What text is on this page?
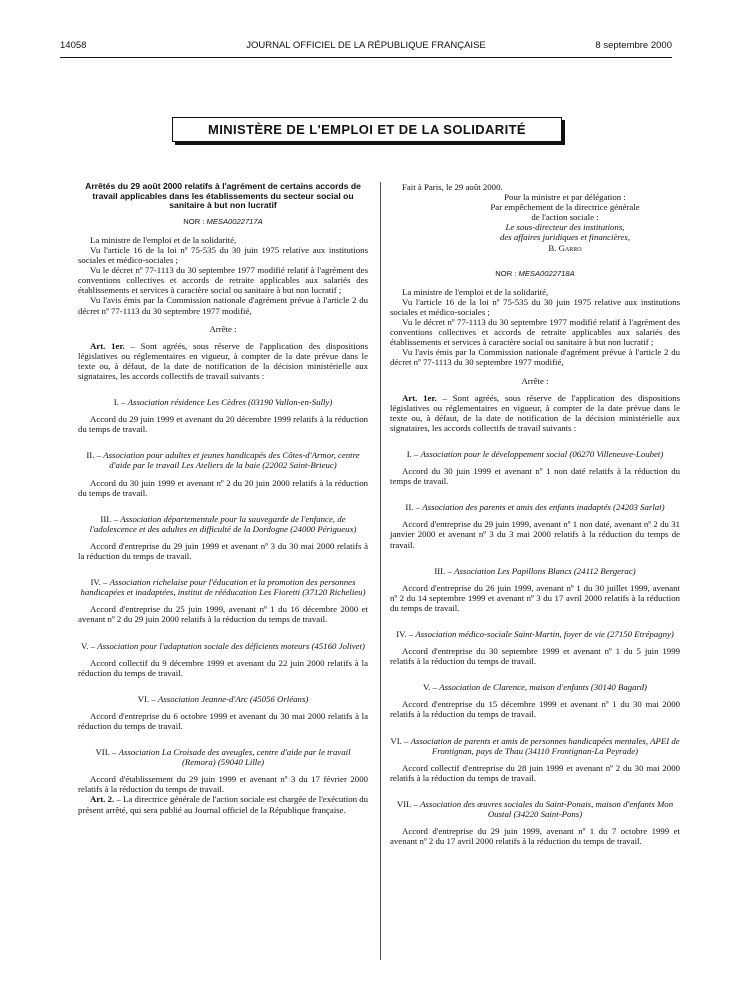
14058	JOURNAL OFFICIEL DE LA RÉPUBLIQUE FRANÇAISE	8 septembre 2000
MINISTÈRE DE L'EMPLOI ET DE LA SOLIDARITÉ
Arrêtés du 29 août 2000 relatifs à l'agrément de certains accords de travail applicables dans les établissements du secteur social ou sanitaire à but non lucratif
NOR : MESA0022717A

La ministre de l'emploi et de la solidarité,

Vu l'article 16 de la loi nº 75-535 du 30 juin 1975 relative aux institutions sociales et médico-sociales ;

Vu le décret nº 77-1113 du 30 septembre 1977 modifié relatif à l'agrément des conventions collectives et accords de retraite applicables aux salariés des établissements et services à caractère social ou sanitaire à but non lucratif ;

Vu l'avis émis par la Commission nationale d'agrément prévue à l'article 2 du décret nº 77-1113 du 30 septembre 1977 modifié,

Arrête :

Art. 1er. – Sont agréés, sous réserve de l'application des dispositions législatives ou réglementaires en vigueur, à compter de la date prévue dans le texte ou, à défaut, de la date de notification de la décision ministérielle aux signataires, les accords collectifs de travail suivants :

I. – Association résidence Les Cèdres (03190 Vallon-en-Sully)

Accord du 29 juin 1999 et avenant du 20 décembre 1999 relatifs à la réduction du temps de travail.

II. – Association pour adultes et jeunes handicapés des Côtes-d'Armor, centre d'aide par le travail Les Ateliers de la baie (22002 Saint-Brieuc)

Accord du 30 juin 1999 et avenant nº 2 du 20 juin 2000 relatifs à la réduction du temps de travail.

III. – Association départementale pour la sauvegarde de l'enfance, de l'adolescence et des adultes en difficulté de la Dordogne (24000 Périgueux)

Accord d'entreprise du 29 juin 1999 et avenant nº 3 du 30 mai 2000 relatifs à la réduction du temps de travail.

IV. – Association richelaise pour l'éducation et la promotion des personnes handicapées et inadaptées, institut de rééducation Les Fioretti (37120 Richelieu)

Accord d'entreprise du 25 juin 1999, avenant nº 1 du 16 décembre 2000 et avenant nº 2 du 29 juin 2000 relatifs à la réduction du temps de travail.

V. – Association pour l'adaptation sociale des déficients moteurs (45160 Jolivet)

Accord collectif du 9 décembre 1999 et avenant du 22 juin 2000 relatifs à la réduction du temps de travail.

VI. – Association Jeanne-d'Arc (45056 Orléans)

Accord d'entreprise du 6 octobre 1999 et avenant du 30 mai 2000 relatifs à la réduction du temps de travail.

VII. – Association La Croisade des aveugles, centre d'aide par le travail (Remora) (59040 Lille)

Accord d'établissement du 29 juin 1999 et avenant nº 3 du 17 février 2000 relatifs à la réduction du temps de travail.

Art. 2. – La directrice générale de l'action sociale est chargée de l'exécution du présent arrêté, qui sera publié au Journal officiel de la République française.

Fait à Paris, le 29 août 2000.

Pour la ministre et par délégation :
Par empêchement de la directrice générale
de l'action sociale :
Le sous-directeur des institutions,
des affaires juridiques et financières,
B. Garro
NOR : MESA0022718A

La ministre de l'emploi et de la solidarité,

Vu l'article 16 de la loi nº 75-535 du 30 juin 1975 relative aux institutions sociales et médico-sociales ;

Vu le décret nº 77-1113 du 30 septembre 1977 modifié relatif à l'agrément des conventions collectives et accords de retraite applicables aux salariés des établissements et services à caractère social ou sanitaire à but non lucratif ;

Vu l'avis émis par la Commission nationale d'agrément prévue à l'article 2 du décret nº 77-1113 du 30 septembre 1977 modifié,

Arrête :

Art. 1er. – Sont agréés, sous réserve de l'application des dispositions législatives ou réglementaires en vigueur, à compter de la date prévue dans le texte ou, à défaut, de la date de notification de la décision ministérielle aux signataires, les accords collectifs de travail suivants :

I. – Association pour le développement social (06270 Villeneuve-Loubet)

Accord du 30 juin 1999 et avenant nº 1 non daté relatifs à la réduction du temps de travail.

II. – Association des parents et amis des enfants inadaptés (24203 Sarlat)

Accord d'entreprise du 29 juin 1999, avenant nº 1 non daté, avenant nº 2 du 31 janvier 2000 et avenant nº 3 du 3 mai 2000 relatifs à la réduction du temps de travail.

III. – Association Les Papillons Blancs (24112 Bergerac)

Accord d'entreprise du 26 juin 1999, avenant nº 1 du 30 juillet 1999, avenant nº 2 du 14 septembre 1999 et avenant nº 3 du 17 avril 2000 relatifs à la réduction du temps de travail.

IV. – Association médico-sociale Saint-Martin, foyer de vie (27150 Etrépagny)

Accord d'entreprise du 30 septembre 1999 et avenant nº 1 du 5 juin 1999 relatifs à la réduction du temps de travail.

V. – Association de Clarence, maison d'enfants (30140 Bagard)

Accord d'entreprise du 15 décembre 1999 et avenant nº 1 du 30 mai 2000 relatifs à la réduction du temps de travail.

VI. – Association de parents et amis de personnes handicapées mentales, APEI de Frontignan, pays de Thau (34110 Frontignan-La Peyrade)

Accord collectif d'entreprise du 28 juin 1999 et avenant nº 2 du 30 mai 2000 relatifs à la réduction du temps de travail.

VII. – Association des œuvres sociales du Saint-Ponais, maison d'enfants Mon Oustal (34220 Saint-Pons)

Accord d'entreprise du 29 juin 1999, avenant nº 1 du 7 octobre 1999 et avenant nº 2 du 17 avril 2000 relatifs à la réduction du temps de travail.
